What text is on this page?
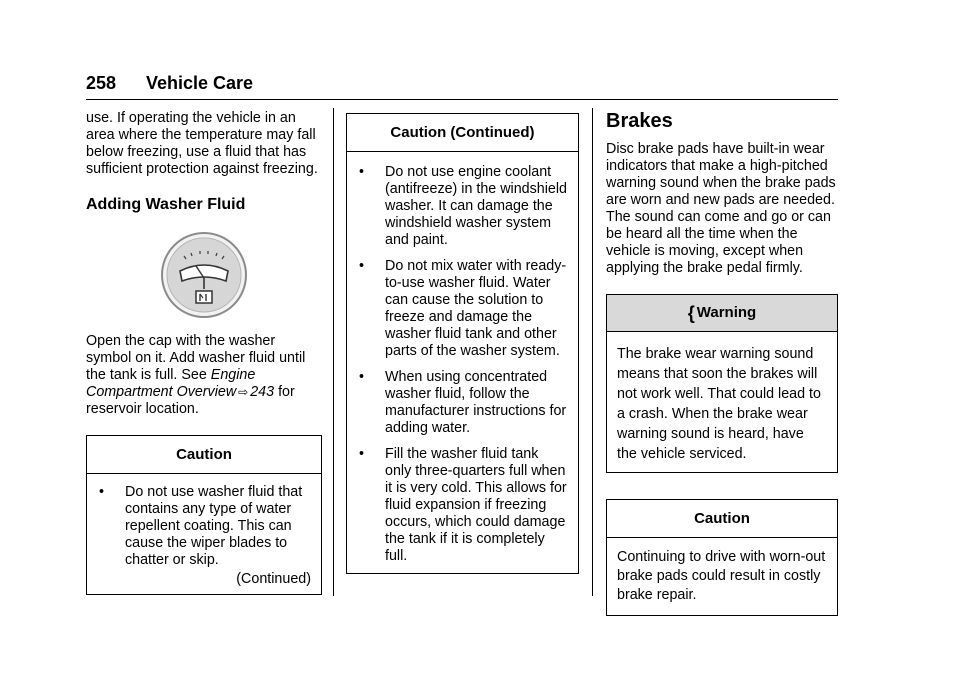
258 Vehicle Care

use. If operating the vehicle in an area where the temperature may fall below freezing, use a fluid that has sufficient protection against freezing.

Adding Washer Fluid

Open the cap with the washer symbol on it. Add washer fluid until the tank is full. See Engine Compartment Overview ⇨ 243 for reservoir location.

Caution
• Do not use washer fluid that contains any type of water repellent coating. This can cause the wiper blades to chatter or skip.
(Continued)
Caution (Continued)
• Do not use engine coolant (antifreeze) in the windshield washer. It can damage the windshield washer system and paint.
• Do not mix water with ready-to-use washer fluid. Water can cause the solution to freeze and damage the washer fluid tank and other parts of the washer system.
• When using concentrated washer fluid, follow the manufacturer instructions for adding water.
• Fill the washer fluid tank only three-quarters full when it is very cold. This allows for fluid expansion if freezing occurs, which could damage the tank if it is completely full.

Brakes

Disc brake pads have built-in wear indicators that make a high-pitched warning sound when the brake pads are worn and new pads are needed. The sound can come and go or can be heard all the time when the vehicle is moving, except when applying the brake pedal firmly.

{ Warning
The brake wear warning sound means that soon the brakes will not work well. That could lead to a crash. When the brake wear warning sound is heard, have the vehicle serviced.
Caution
Continuing to drive with worn-out brake pads could result in costly brake repair.
